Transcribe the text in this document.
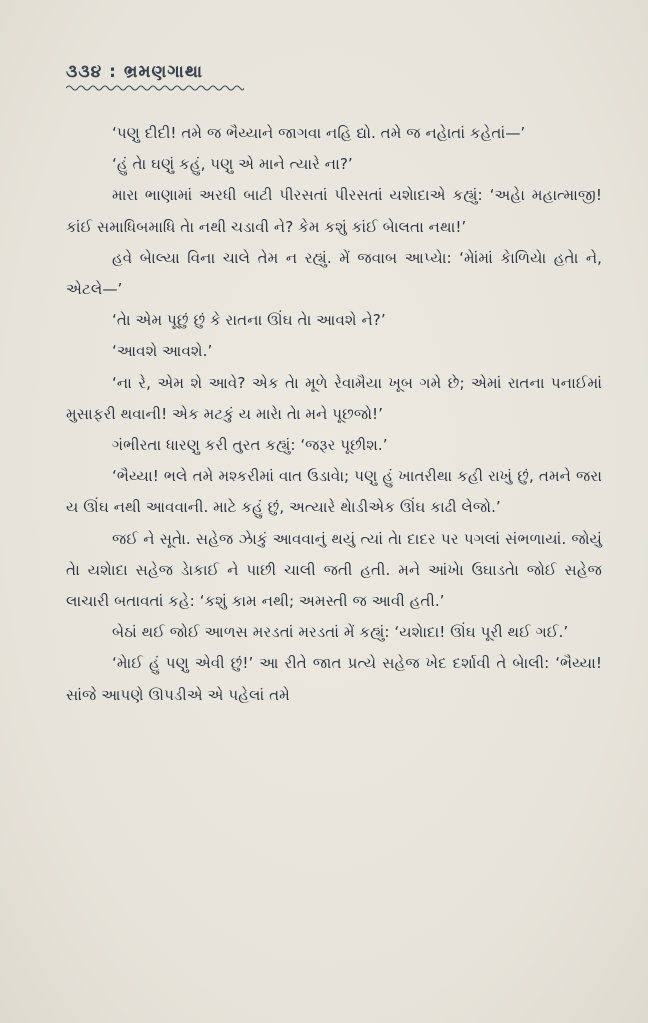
૩૩૪ : ભ્રમણગાથા

‘પણુ દીદી! તમે જ ભૈય્યાને જાગવા નહિ દ્યો. તમે જ નહેાતાં કહેતાં—’

‘હું તેા ઘણું કહું, પણુ એ માને ત્યારે ના?’

મારા ભાણામાં અરધી બાટી પીરસતાં પીરસતાં યશેાદાએ કહ્યું: ‘અહેા મહાત્માજી! કાંઈ સમાધિબમાધિ તેા નથી ચડાવી ને? કેમ કશું કાંઈ બેાલતા નથા!’

હવે બેાલ્યા વિના ચાલે તેમ ન રહ્યું. મેં જવાબ આપ્યેા: ‘મેાંમાં કેાળિયેા હતેા ને, એટલે—’

‘તેા એમ પૂછું છું કે રાતના ઊંઘ તેા આવશે ને?’

‘આવશે આવશે.’

‘ના રે, એમ શે આવે? એક તેા મૂળે રેવામૈયા ખૂબ ગમે છે; એમાં રાતના પનાઈમાં મુસાફરી થવાની! એક મટકું ય મારેા તેા મને પૂછજો!’

ગંભીરતા ધારણુ કરી તુરત કહ્યું: ‘જરૂર પૂછીશ.’

‘ભૈય્યા! ભલે તમે મશ્કરીમાં વાત ઉડાવેા; પણુ હું ખાતરીથા કહી રાખું છું, તમને જરા ય ઊંઘ નથી આવવાની. માટે કહું છું, અત્યારે થેાડીએક ઊંઘ કાઢી લેજો.’

જઈ ને સૂતેા. સહેજ ઝેાકું આવવાનું થયું ત્યાં તેા દાદર પર પગલાં સંભળાયાં. જોયું તેા યશેાદા સહેજ ડેાકાઈ ને પાછી ચાલી જતી હતી. મને આંખેા ઉઘાડતેા જોઈ સહેજ લાચારી બતાવતાં કહે: ‘કશું કામ નથી; અમસ્તી જ આવી હતી.’

બેઠાં થઈ જોઈ આળસ મરડતાં મરડતાં મેં કહ્યું: ‘યશેાદા! ઊંઘ પૂરી થઈ ગઈ.’

‘મેાઈ હું પણુ એવી છું!’ આ રીતે જાત પ્રત્યે સહેજ ખેદ દર્શાવી તે બેાલી: ‘ભૈય્યા! સાંજે આપણે ઊપડીએ એ પહેલાં તમે
